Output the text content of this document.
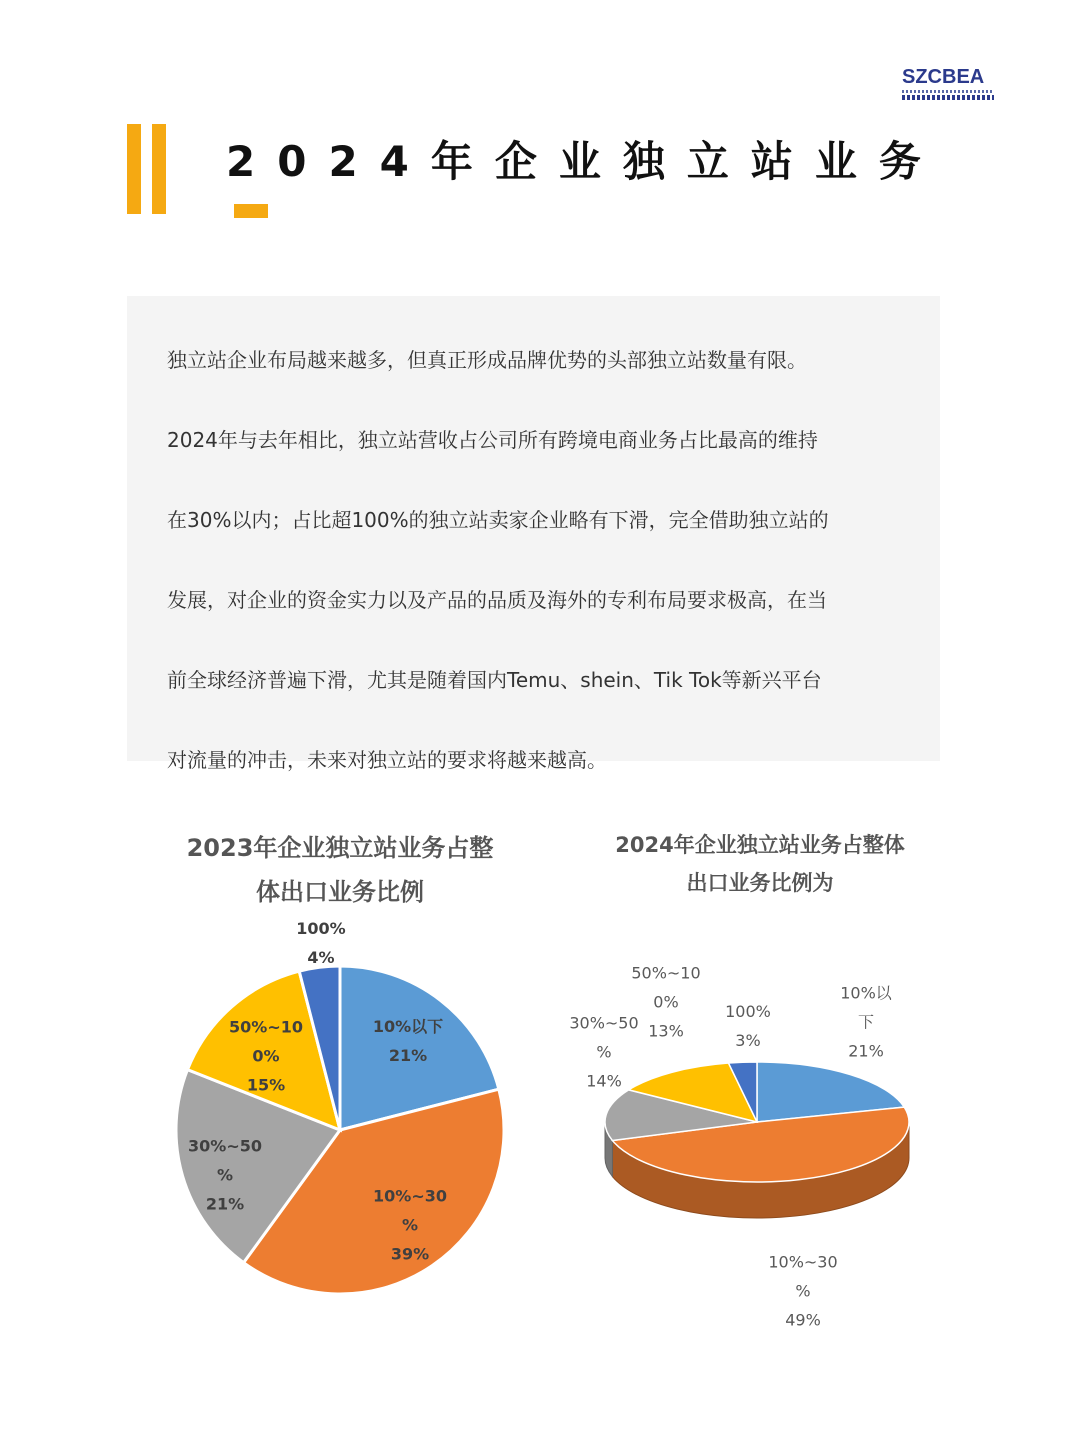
SZCBEA
2024年企业独立站业务
独立站企业布局越来越多，但真正形成品牌优势的头部独立站数量有限。
2024年与去年相比，独立站营收占公司所有跨境电商业务占比最高的维持
在30%以内；占比超100%的独立站卖家企业略有下滑，完全借助独立站的
发展，对企业的资金实力以及产品的品质及海外的专利布局要求极高，在当
前全球经济普遍下滑，尤其是随着国内Temu、shein、Tik Tok等新兴平台
对流量的冲击，未来对独立站的要求将越来越高。
2023年企业独立站业务占整
体出口业务比例
2024年企业独立站业务占整体
出口业务比例为
10%以下 21%
10%~30 % 39%
30%~50 % 21%
50%~10 0% 15%
100% 4%
10%以下 21%
10%~30 % 49%
30%~50 % 14%
50%~10 0% 13%
100% 3%
